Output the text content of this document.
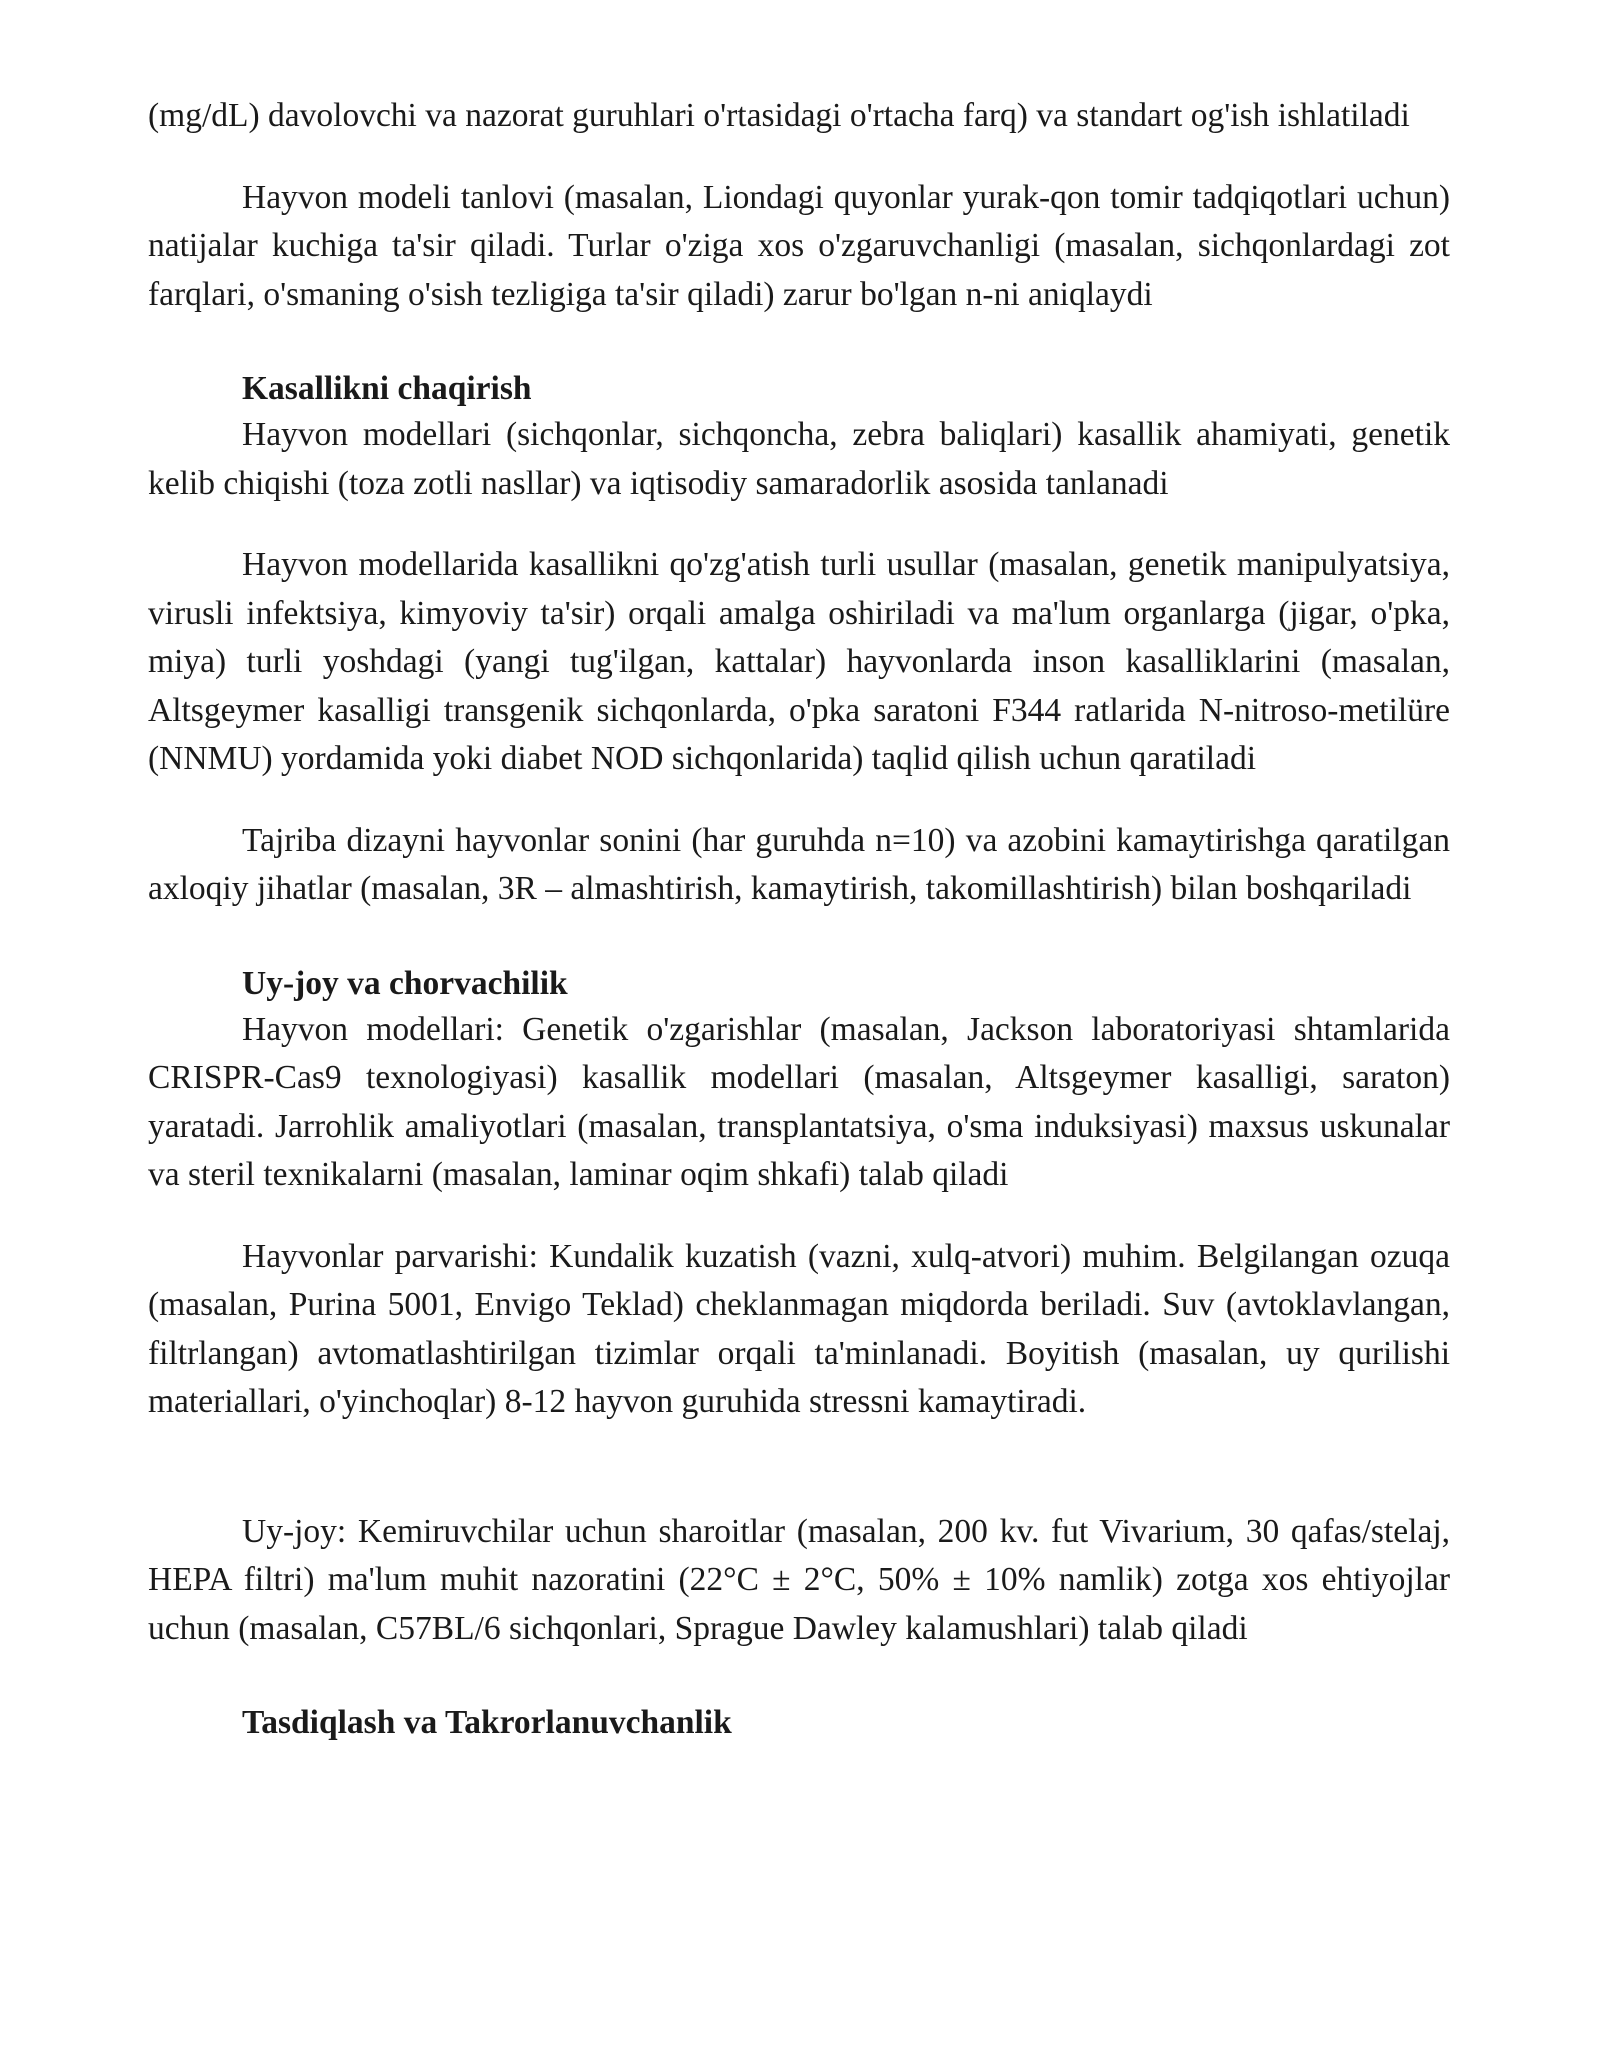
(mg/dL) davolovchi va nazorat guruhlari o'rtasidagi o'rtacha farq) va standart og'ish ishlatiladi

Hayvon modeli tanlovi (masalan, Liondagi quyonlar yurak-qon tomir tadqiqotlari uchun) natijalar kuchiga ta'sir qiladi. Turlar o'ziga xos o'zgaruvchanligi (masalan, sichqonlardagi zot farqlari, o'smaning o'sish tezligiga ta'sir qiladi) zarur bo'lgan n-ni aniqlaydi

Kasallikni chaqirish

Hayvon modellari (sichqonlar, sichqoncha, zebra baliqlari) kasallik ahamiyati, genetik kelib chiqishi (toza zotli nasllar) va iqtisodiy samaradorlik asosida tanlanadi

Hayvon modellarida kasallikni qo'zg'atish turli usullar (masalan, genetik manipulyatsiya, virusli infektsiya, kimyoviy ta'sir) orqali amalga oshiriladi va ma'lum organlarga (jigar, o'pka, miya) turli yoshdagi (yangi tug'ilgan, kattalar) hayvonlarda inson kasalliklarini (masalan, Altsgeymer kasalligi transgenik sichqonlarda, o'pka saratoni F344 ratlarida N-nitroso-metilüre (NNMU) yordamida yoki diabet NOD sichqonlarida) taqlid qilish uchun qaratiladi

Tajriba dizayni hayvonlar sonini (har guruhda n=10) va azobini kamaytirishga qaratilgan axloqiy jihatlar (masalan, 3R – almashtirish, kamaytirish, takomillashtirish) bilan boshqariladi

Uy-joy va chorvachilik

Hayvon modellari: Genetik o'zgarishlar (masalan, Jackson laboratoriyasi shtamlarida CRISPR-Cas9 texnologiyasi) kasallik modellari (masalan, Altsgeymer kasalligi, saraton) yaratadi. Jarrohlik amaliyotlari (masalan, transplantatsiya, o'sma induksiyasi) maxsus uskunalar va steril texnikalarni (masalan, laminar oqim shkafi) talab qiladi

Hayvonlar parvarishi: Kundalik kuzatish (vazni, xulq-atvori) muhim. Belgilangan ozuqa (masalan, Purina 5001, Envigo Teklad) cheklanmagan miqdorda beriladi. Suv (avtoklavlangan, filtrlangan) avtomatlashtirilgan tizimlar orqali ta'minlanadi. Boyitish (masalan, uy qurilishi materiallari, o'yinchoqlar) 8-12 hayvon guruhida stressni kamaytiradi.

Uy-joy: Kemiruvchilar uchun sharoitlar (masalan, 200 kv. fut Vivarium, 30 qafas/stelaj, HEPA filtri) ma'lum muhit nazoratini (22°C ± 2°C, 50% ± 10% namlik) zotga xos ehtiyojlar uchun (masalan, C57BL/6 sichqonlari, Sprague Dawley kalamushlari) talab qiladi

Tasdiqlash va Takrorlanuvchanlik
